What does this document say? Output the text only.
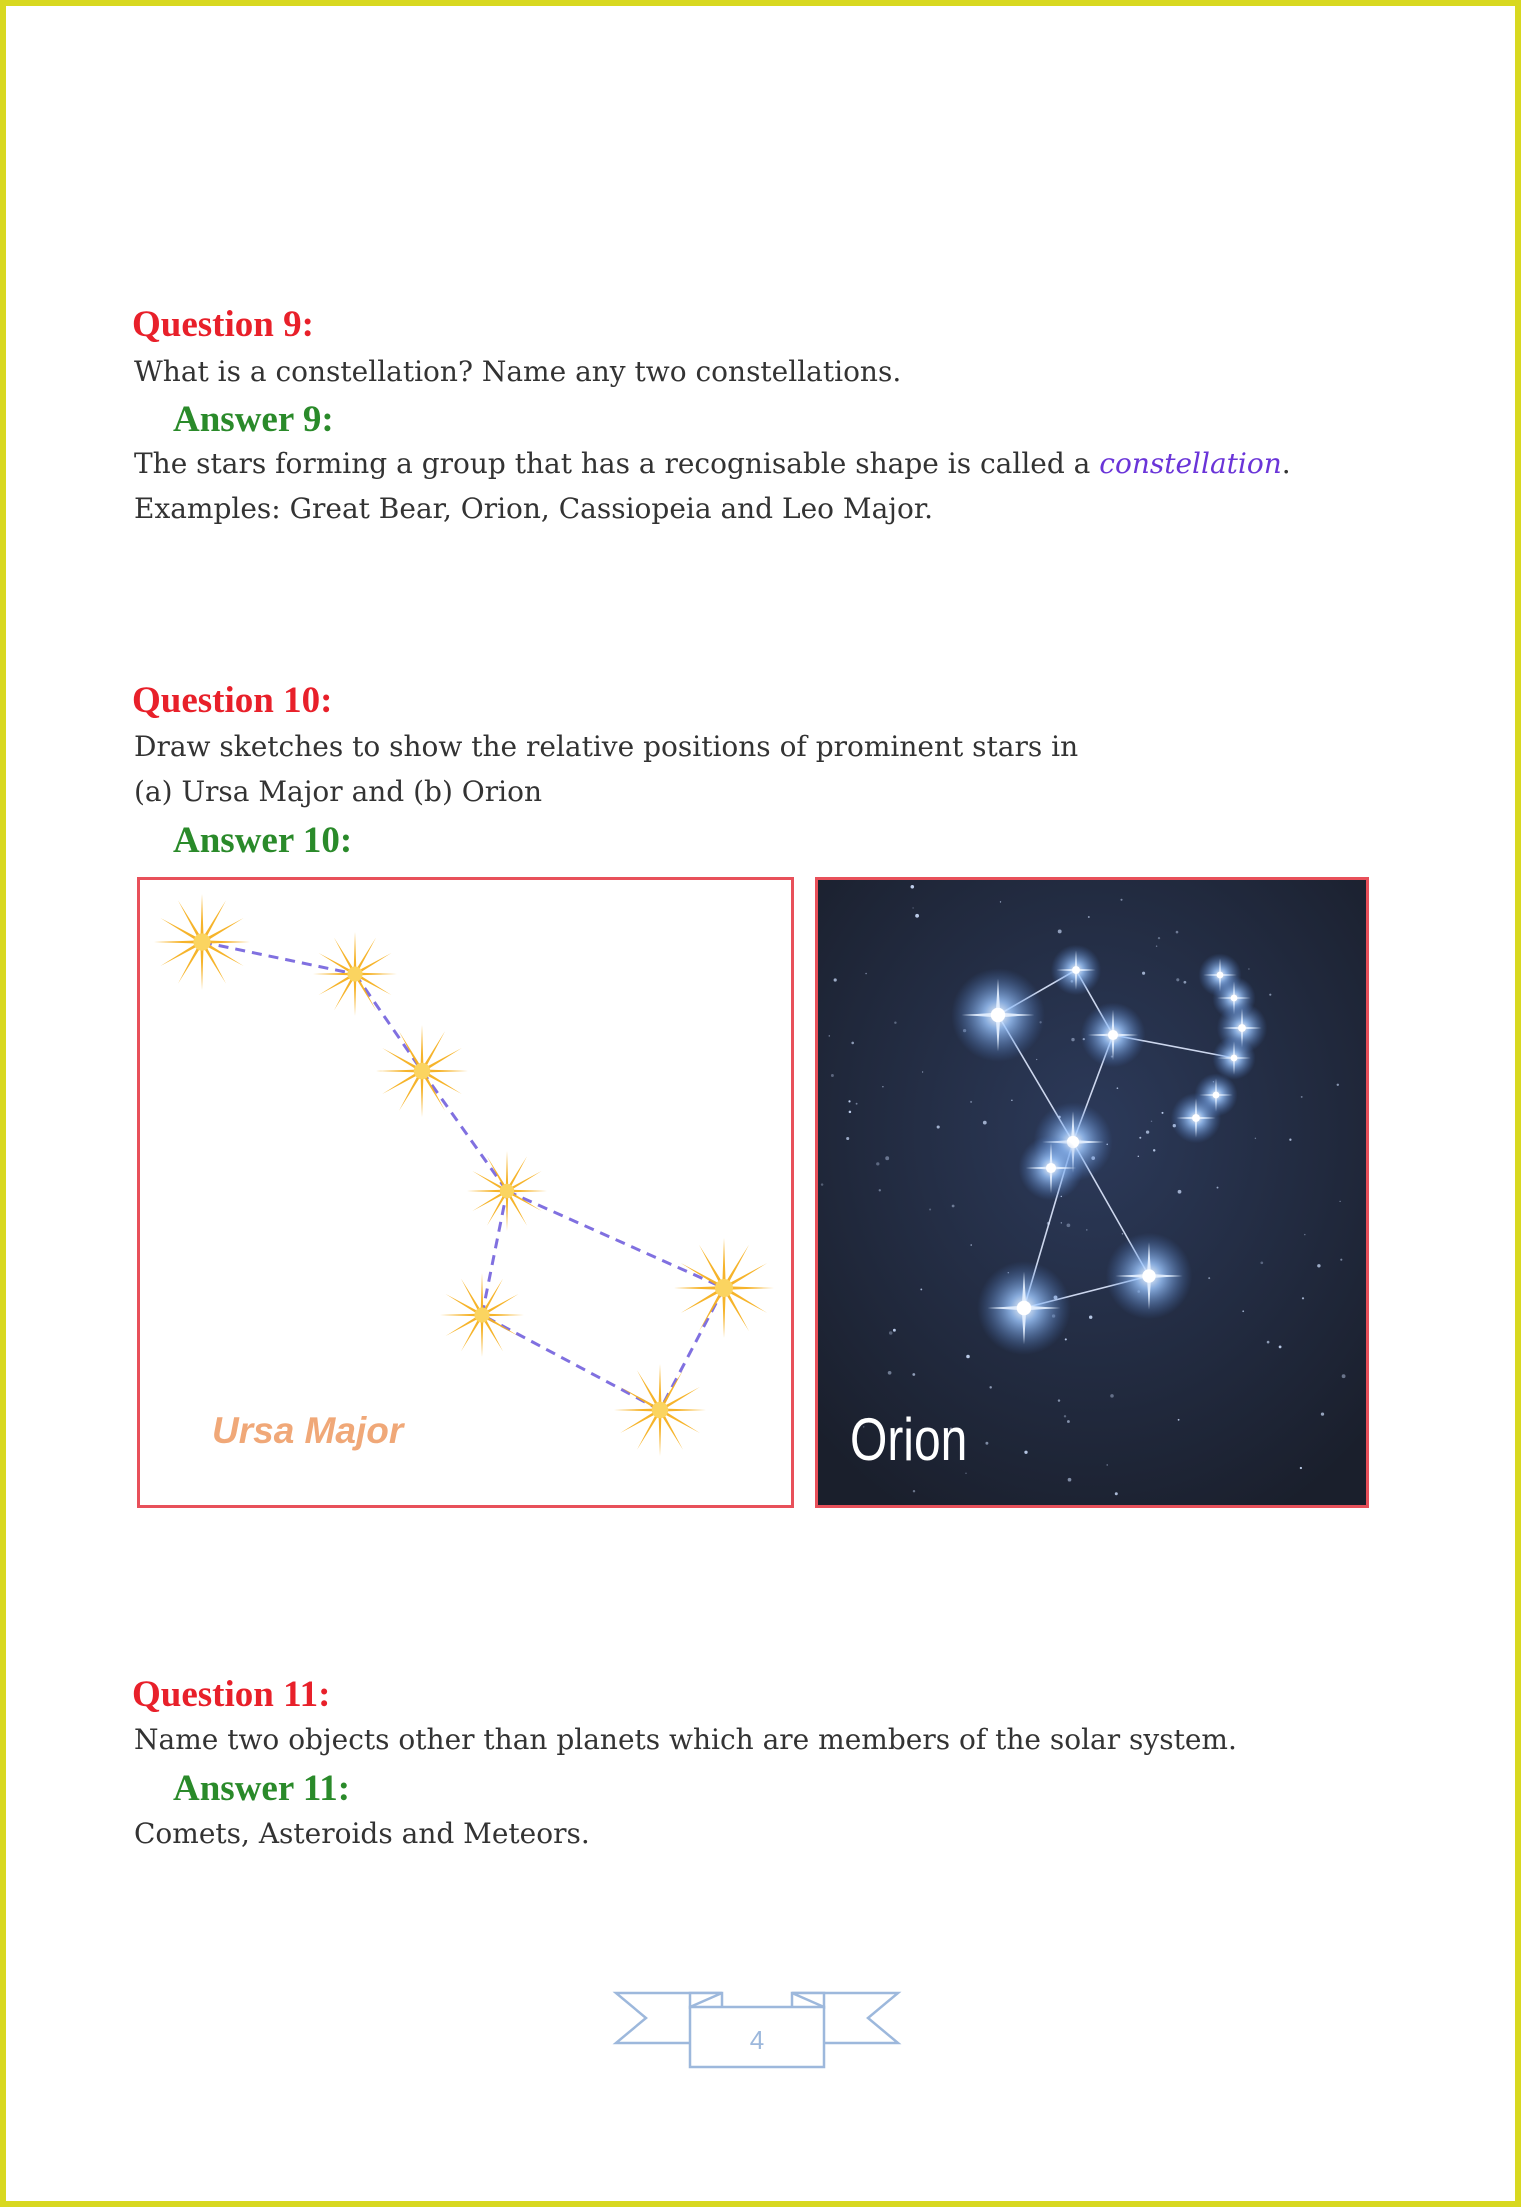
Question 9:

What is a constellation? Name any two constellations.

Answer 9:

The stars forming a group that has a recognisable shape is called a constellation.

Examples: Great Bear, Orion, Cassiopeia and Leo Major.

Question 10:

Draw sketches to show the relative positions of prominent stars in

(a) Ursa Major and (b) Orion

Answer 10:
Ursa Major	Orion
Question 11:

Name two objects other than planets which are members of the solar system.

Answer 11:

Comets, Asteroids and Meteors.

4
